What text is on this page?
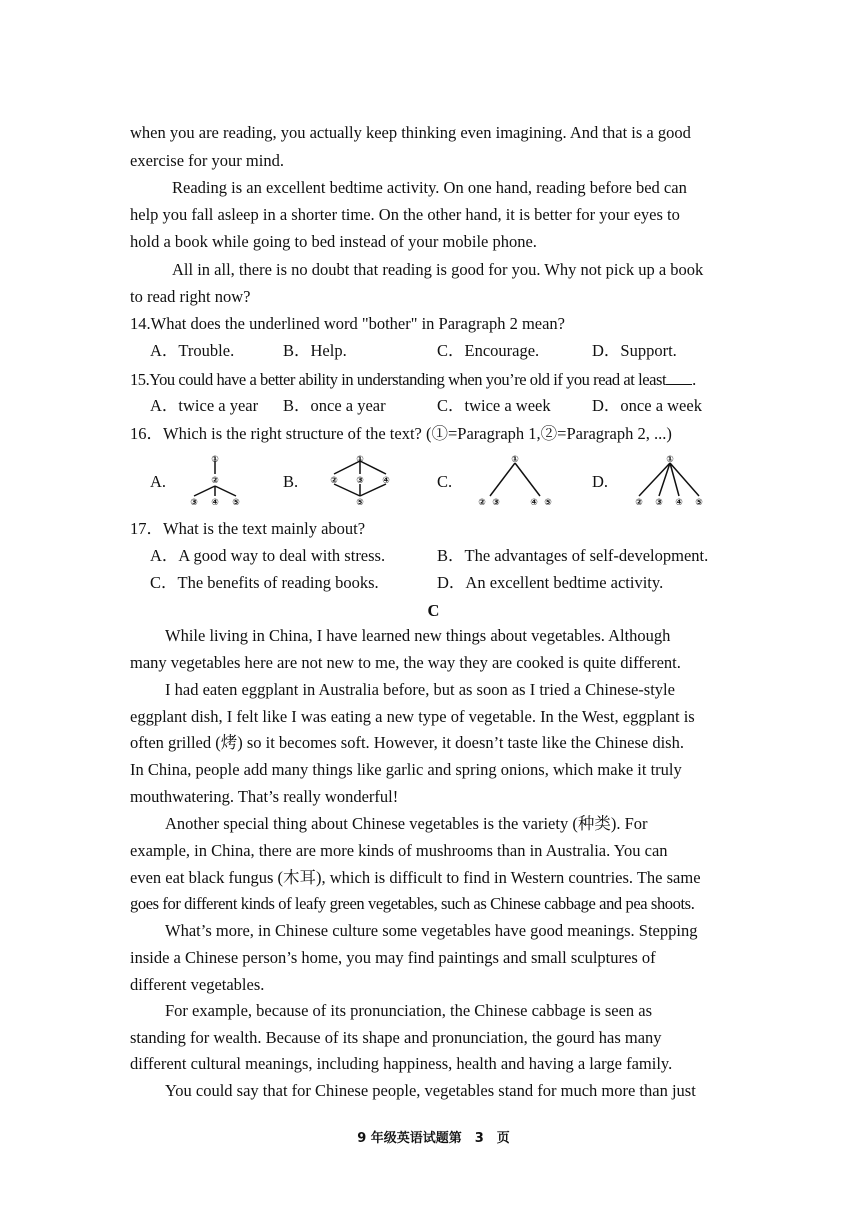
when you are reading, you actually keep thinking even imagining. And that is a good
exercise for your mind.
Reading is an excellent bedtime activity. On one hand, reading before bed can
help you fall asleep in a shorter time. On the other hand, it is better for your eyes to
hold a book while going to bed instead of your mobile phone.
All in all, there is no doubt that reading is good for you. Why not pick up a book
to read right now?
14.What does the underlined word "bother" in Paragraph 2 mean?
A．Trouble.	B．Help.	C．Encourage.	D．Support.
15.You could have a better ability in understanding when you’re old if you read at least .
A．twice a year B．once a year	C．twice a week	D．once a week
16．Which is the right structure of the text? (①=Paragraph 1,②=Paragraph 2, ...)
A.	B.	C.	D.
①
②
③ ④ ⑤
①
② ③ ④
⑤
①
② ③	④ ⑤
①
② ③ ④ ⑤
17．What is the text mainly about?
A．A good way to deal with stress.	B．The advantages of self-development.
C．The benefits of reading books.	D．An excellent bedtime activity.
C
While living in China, I have learned new things about vegetables. Although
many vegetables here are not new to me, the way they are cooked is quite different.
I had eaten eggplant in Australia before, but as soon as I tried a Chinese-style
eggplant dish, I felt like I was eating a new type of vegetable. In the West, eggplant is
often grilled (烤) so it becomes soft. However, it doesn’t taste like the Chinese dish.
In China, people add many things like garlic and spring onions, which make it truly
mouthwatering. That’s really wonderful!
Another special thing about Chinese vegetables is the variety (种类). For
example, in China, there are more kinds of mushrooms than in Australia. You can
even eat black fungus (木耳), which is difficult to find in Western countries. The same
goes for different kinds of leafy green vegetables, such as Chinese cabbage and pea shoots.
What’s more, in Chinese culture some vegetables have good meanings. Stepping
inside a Chinese person’s home, you may find paintings and small sculptures of
different vegetables.
For example, because of its pronunciation, the Chinese cabbage is seen as
standing for wealth. Because of its shape and pronunciation, the gourd has many
different cultural meanings, including happiness, health and having a large family.
You could say that for Chinese people, vegetables stand for much more than just
9 年级英语试题第　3　页
